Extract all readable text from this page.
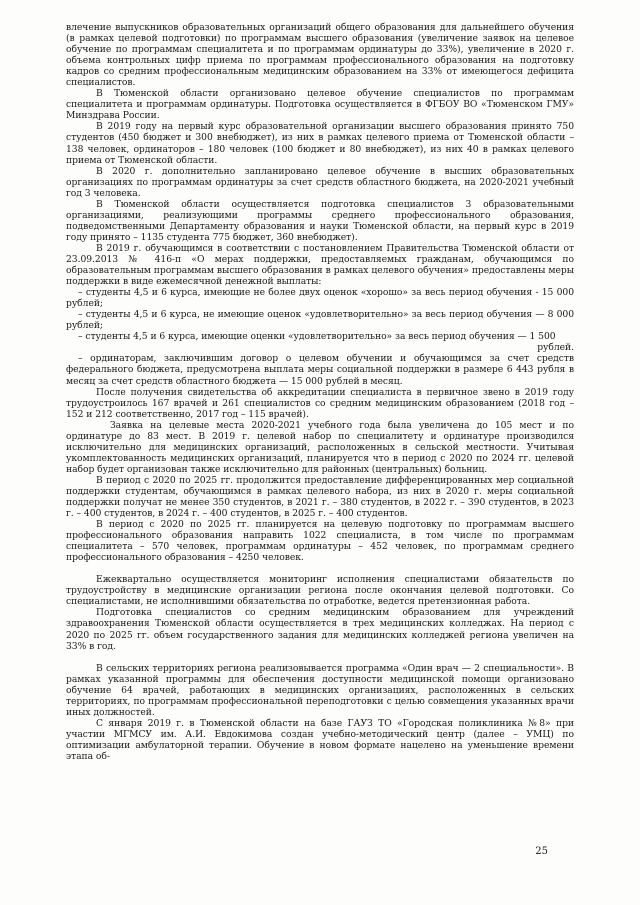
влечение выпускников образовательных организаций общего образования для дальнейшего обучения (в рамках целевой подготовки) по программам высшего образования (увеличение заявок на целевое обучение по программам специалитета и по программам ординатуры до 33%), увеличение в 2020 г. объема контрольных цифр приема по программам профессионального образования на подготовку кадров со средним профессиональным медицинским образованием на 33% от имеющегося дефицита специалистов.

В Тюменской области организовано целевое обучение специалистов по программам специалитета и программам ординатуры. Подготовка осуществляется в ФГБОУ ВО «Тюменском ГМУ» Минздрава России.

В 2019 году на первый курс образовательной организации высшего образования принято 750 студентов (450 бюджет и 300 внебюджет), из них в рамках целевого приема от Тюменской области – 138 человек, ординаторов – 180 человек (100 бюджет и 80 внебюджет), из них 40 в рамках целевого приема от Тюменской области.

В 2020 г. дополнительно запланировано целевое обучение в высших образовательных организациях по программам ординатуры за счет средств областного бюджета, на 2020-2021 учебный год 3 человека.

В Тюменской области осуществляется подготовка специалистов 3 образовательными организациями, реализующими программы среднего профессионального образования, подведомственными Департаменту образования и науки Тюменской области, на первый курс в 2019 году принято – 1135 студента 775 бюджет, 360 внебюджет).

В 2019 г. обучающимся в соответствии с постановлением Правительства Тюменской области от 23.09.2013 № 416-п «О мерах поддержки, предоставляемых гражданам, обучающимся по образовательным программам высшего образования в рамках целевого обучения» предоставлены меры поддержки в виде ежемесячной денежной выплаты:

– студенты 4,5 и 6 курса, имеющие не более двух оценок «хорошо» за весь период обучения - 15 000 рублей;

– студенты 4,5 и 6 курса, не имеющие оценок «удовлетворительно» за весь период обучения — 8 000 рублей;

– студенты 4,5 и 6 курса, имеющие оценки «удовлетворительно» за весь период обучения — 1 500

рублей.

– ординаторам, заключившим договор о целевом обучении и обучающимся за счет средств федерального бюджета, предусмотрена выплата меры социальной поддержки в размере 6 443 рубля в месяц за счет средств областного бюджета — 15 000 рублей в месяц.

После получения свидетельства об аккредитации специалиста в первичное звено в 2019 году трудоустроилось 167 врачей и 261 специалистов со средним медицинским образованием (2018 год – 152 и 212 соответственно, 2017 год – 115 врачей).

Заявка на целевые места 2020-2021 учебного года была увеличена до 105 мест и по ординатуре до 83 мест. В 2019 г. целевой набор по специалитету и ординатуре производился исключительно для медицинских организаций, расположенных в сельской местности. Учитывая укомплектованность медицинских организаций, планируется что в период с 2020 по 2024 гг. целевой набор будет организован также исключительно для районных (центральных) больниц.

В период с 2020 по 2025 гг. продолжится предоставление дифференцированных мер социальной поддержки студентам, обучающимся в рамках целевого набора, из них в 2020 г. меры социальной поддержки получат не менее 350 студентов, в 2021 г. – 380 студентов, в 2022 г. – 390 студентов, в 2023 г. – 400 студентов, в 2024 г. – 400 студентов, в 2025 г. – 400 студентов.

В период с 2020 по 2025 гг. планируется на целевую подготовку по программам высшего профессионального образования направить 1022 специалиста, в том числе по программам специалитета – 570 человек, программам ординатуры – 452 человек, по программам среднего профессионального образования – 4250 человек.

Ежеквартально осуществляется мониторинг исполнения специалистами обязательств по трудоустройству в медицинские организации региона после окончания целевой подготовки. Со специалистами, не исполнившими обязательства по отработке, ведется претензионная работа.

Подготовка специалистов со средним медицинским образованием для учреждений здравоохранения Тюменской области осуществляется в трех медицинских колледжах. На период с 2020 по 2025 гг. объем государственного задания для медицинских колледжей региона увеличен на 33% в год.

В сельских территориях региона реализовывается программа «Один врач — 2 специальности». В рамках указанной программы для обеспечения доступности медицинской помощи организовано обучение 64 врачей, работающих в медицинских организациях, расположенных в сельских территориях, по программам профессиональной переподготовки с целью совмещения указанных врачи иных должностей.

С января 2019 г. в Тюменской области на базе ГАУЗ ТО «Городская поликлиника №8» при участии МГМСУ им. А.И. Евдокимова создан учебно-методический центр (далее – УМЦ) по оптимизации амбулаторной терапии. Обучение в новом формате нацелено на уменьшение времени этапа об-

25
